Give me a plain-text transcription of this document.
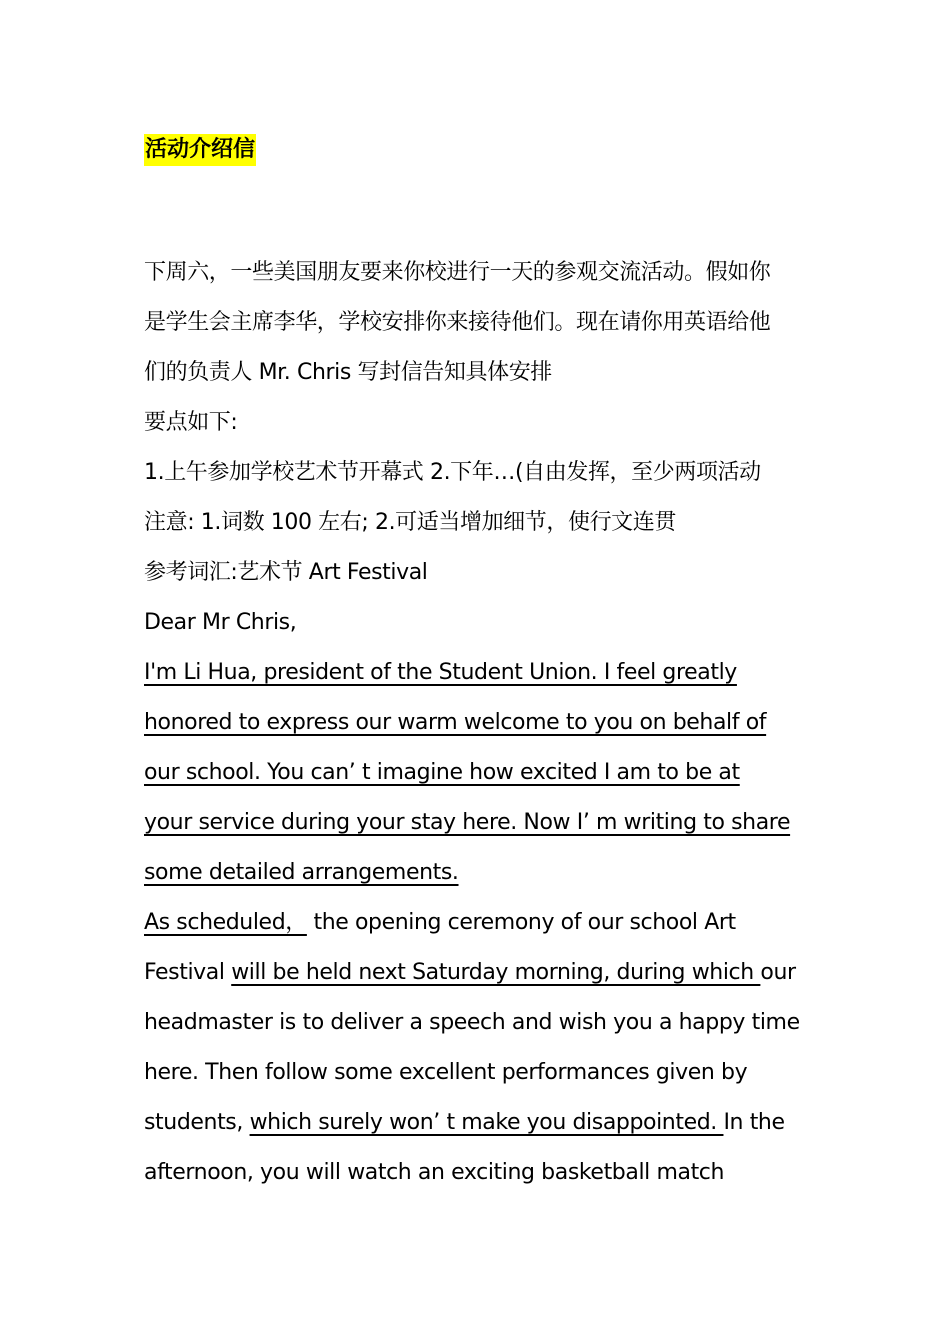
活动介绍信
下周六，一些美国朋友要来你校进行一天的参观交流活动。假如你
是学生会主席李华，学校安排你来接待他们。现在请你用英语给他
们的负责人 Mr. Chris 写封信告知具体安排
要点如下:
1.上午参加学校艺术节开幕式 2.下年…(自由发挥，至少两项活动
注意: 1.词数 100 左右; 2.可适当增加细节，使行文连贯
参考词汇:艺术节 Art Festival
Dear Mr Chris,
I'm Li Hua, president of the Student Union. I feel greatly
honored to express our warm welcome to you on behalf of
our school. You can’ t imagine how excited I am to be at
your service during your stay here. Now I’ m writing to share
some detailed arrangements.
As scheduled， the opening ceremony of our school Art
Festival will be held next Saturday morning, during which our
headmaster is to deliver a speech and wish you a happy time
here. Then follow some excellent performances given by
students, which surely won’ t make you disappointed. In the
afternoon, you will watch an exciting basketball match
